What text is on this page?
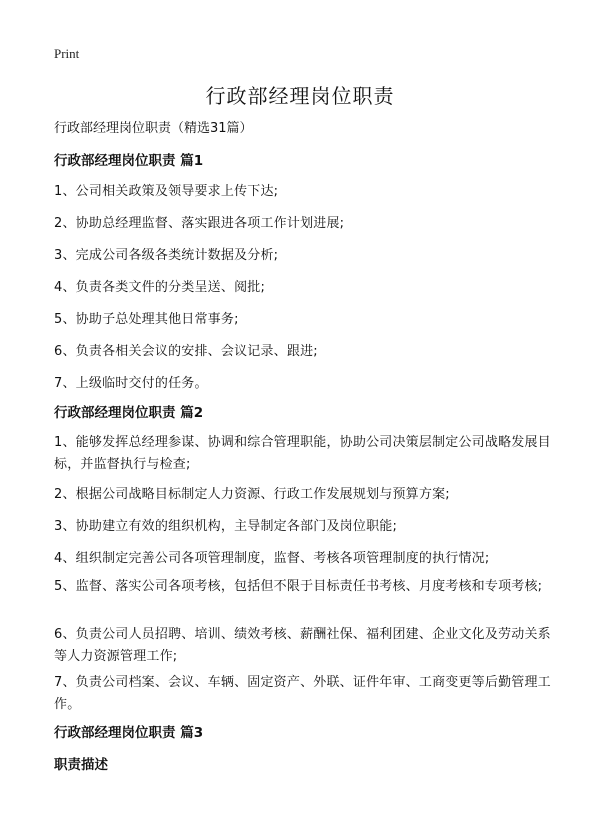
Print
行政部经理岗位职责
行政部经理岗位职责（精选31篇）
行政部经理岗位职责 篇1
1、公司相关政策及领导要求上传下达;
2、协助总经理监督、落实跟进各项工作计划进展;
3、完成公司各级各类统计数据及分析;
4、负责各类文件的分类呈送、阅批;
5、协助子总处理其他日常事务;
6、负责各相关会议的安排、会议记录、跟进;
7、上级临时交付的任务。
行政部经理岗位职责 篇2
1、能够发挥总经理参谋、协调和综合管理职能，协助公司决策层制定公司战略发展目标，并监督执行与检查;
2、根据公司战略目标制定人力资源、行政工作发展规划与预算方案;
3、协助建立有效的组织机构，主导制定各部门及岗位职能;
4、组织制定完善公司各项管理制度，监督、考核各项管理制度的执行情况;
5、监督、落实公司各项考核，包括但不限于目标责任书考核、月度考核和专项考核;
6、负责公司人员招聘、培训、绩效考核、薪酬社保、福利团建、企业文化及劳动关系等人力资源管理工作;
7、负责公司档案、会议、车辆、固定资产、外联、证件年审、工商变更等后勤管理工作。
行政部经理岗位职责 篇3
职责描述
